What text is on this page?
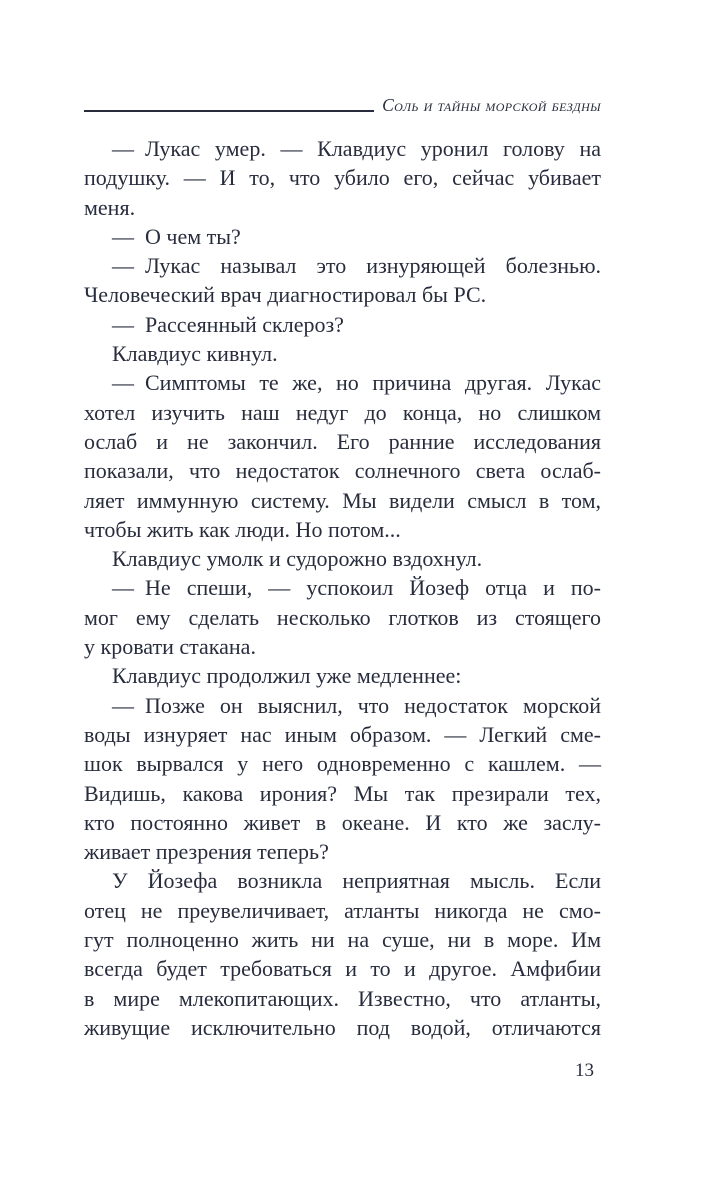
Соль и тайны морской бездны
— Лукас умер. — Клавдиус уронил голову на
подушку. — И то, что убило его, сейчас убивает
меня.
— О чем ты?
— Лукас называл это изнуряющей болезнью.
Человеческий врач диагностировал бы РС.
— Рассеянный склероз?
Клавдиус кивнул.
— Симптомы те же, но причина другая. Лукас
хотел изучить наш недуг до конца, но слишком
ослаб и не закончил. Его ранние исследования
показали, что недостаток солнечного света ослаб-
ляет иммунную систему. Мы видели смысл в том,
чтобы жить как люди. Но потом...
Клавдиус умолк и судорожно вздохнул.
— Не спеши, — успокоил Йозеф отца и по-
мог ему сделать несколько глотков из стоящего
у кровати стакана.
Клавдиус продолжил уже медленнее:
— Позже он выяснил, что недостаток морской
воды изнуряет нас иным образом. — Легкий сме-
шок вырвался у него одновременно с кашлем. —
Видишь, какова ирония? Мы так презирали тех,
кто постоянно живет в океане. И кто же заслу-
живает презрения теперь?
У Йозефа возникла неприятная мысль. Если
отец не преувеличивает, атланты никогда не смо-
гут полноценно жить ни на суше, ни в море. Им
всегда будет требоваться и то и другое. Амфибии
в мире млекопитающих. Известно, что атланты,
живущие исключительно под водой, отличаются
13
